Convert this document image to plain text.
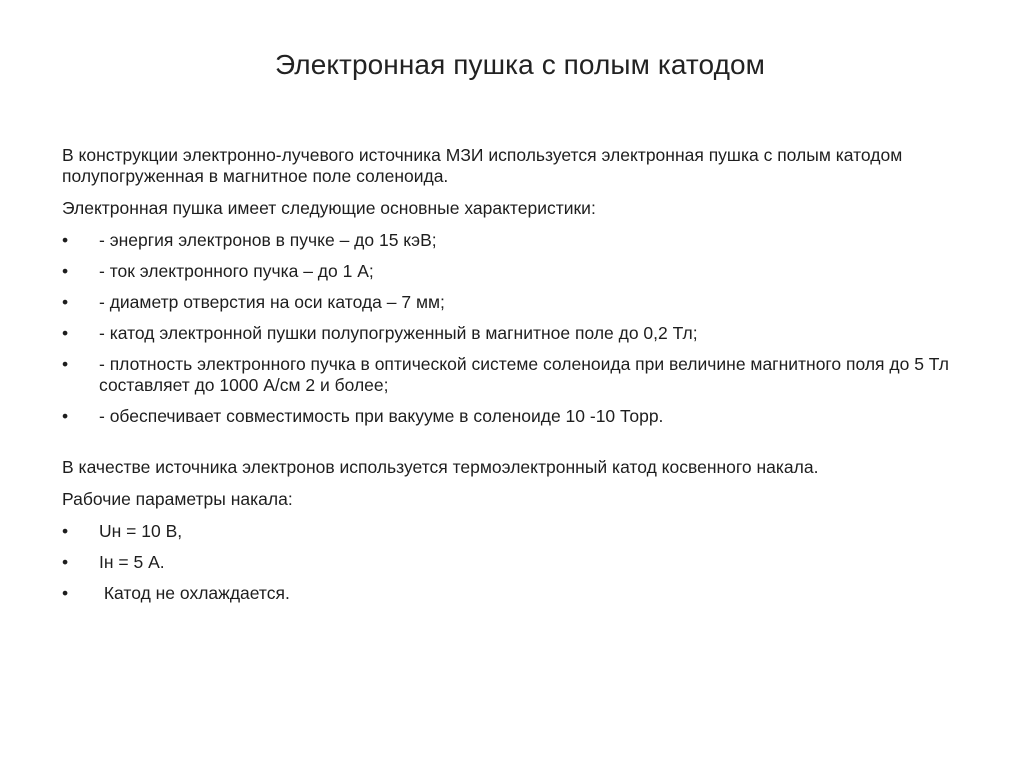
Электронная пушка с полым катодом

В конструкции электронно-лучевого источника МЗИ используется электронная пушка с полым катодом полупогруженная в магнитное поле соленоида.

Электронная пушка имеет следующие основные характеристики:

•	- энергия электронов в пучке – до 15 кэВ;
•	- ток электронного пучка – до 1 А;
•	- диаметр отверстия на оси катода – 7 мм;
•	- катод электронной пушки полупогруженный в магнитное поле до 0,2 Тл;
•	- плотность электронного пучка в оптической системе соленоида при величине магнитного поля до 5 Тл составляет до 1000 А/см 2 и более;
•	- обеспечивает совместимость при вакууме в соленоиде 10 -10 Торр.

В качестве источника электронов используется термоэлектронный катод косвенного накала.

Рабочие параметры накала:

•	Uн = 10 В,
•	Iн = 5 А.
•	Катод не охлаждается.
